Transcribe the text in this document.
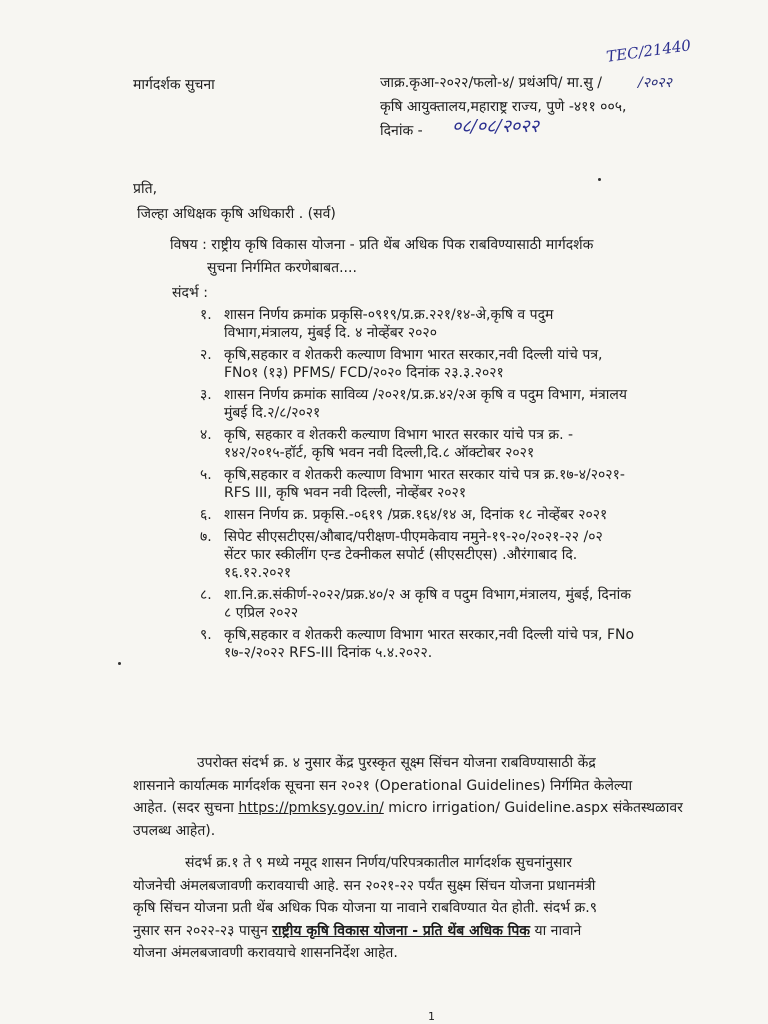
मार्गदर्शक सुचना	जाक्र.कृआ-२०२२/फलो-४/ प्रथंअपि/ मा.सु /	/२०२२
TEC/21440
कृषि आयुक्तालय,महाराष्ट्र राज्य, पुणे -४११ ००५,
दिनांक - ०८/०८/२०२२
प्रति,
जिल्हा अधिक्षक कृषि अधिकारी . (सर्व)
विषय : राष्ट्रीय कृषि विकास योजना - प्रति थेंब अधिक पिक राबविण्यासाठी मार्गदर्शक
सुचना निर्गमित करणेबाबत....
संदर्भ :
१. शासन निर्णय क्रमांक प्रकृसि-०९१९/प्र.क्र.२२१/१४-अे,कृषि व पदुम
विभाग,मंत्रालय, मुंबई दि. ४ नोव्हेंबर २०२०
२. कृषि,सहकार व शेतकरी कल्याण विभाग भारत सरकार,नवी दिल्ली यांचे पत्र,
FNo१ (१३) PFMS/ FCD/२०२० दिनांक २३.३.२०२१
३. शासन निर्णय क्रमांक साविव्य /२०२१/प्र.क्र.४२/२अ कृषि व पदुम विभाग, मंत्रालय
मुंबई दि.२/८/२०२१
४. कृषि, सहकार व शेतकरी कल्याण विभाग भारत सरकार यांचे पत्र क्र. -
१४२/२०१५-हॉर्ट, कृषि भवन नवी दिल्ली,दि.८ ऑक्टोबर २०२१
५. कृषि,सहकार व शेतकरी कल्याण विभाग भारत सरकार यांचे पत्र क्र.१७-४/२०२१-
RFS III, कृषि भवन नवी दिल्ली, नोव्हेंबर २०२१
६. शासन निर्णय क्र. प्रकृसि.-०६१९ /प्रक्र.१६४/१४ अ, दिनांक १८ नोव्हेंबर २०२१
७. सिपेट सीएसटीएस/औबाद/परीक्षण-पीएमकेवाय नमुने-१९-२०/२०२१-२२ /०२
सेंटर फार स्कीलींग एन्ड टेक्नीकल सपोर्ट (सीएसटीएस) .औरंगाबाद दि.
१६.१२.२०२१
८. शा.नि.क्र.संकीर्ण-२०२२/प्रक्र.४०/२ अ कृषि व पदुम विभाग,मंत्रालय, मुंबई, दिनांक
८ एप्रिल २०२२
९. कृषि,सहकार व शेतकरी कल्याण विभाग भारत सरकार,नवी दिल्ली यांचे पत्र, FNo
१७-२/२०२२ RFS-III दिनांक ५.४.२०२२.
उपरोक्त संदर्भ क्र. ४ नुसार केंद्र पुरस्कृत सूक्ष्म सिंचन योजना राबविण्यासाठी केंद्र
शासनाने कार्यात्मक मार्गदर्शक सूचना सन २०२१ (Operational Guidelines) निर्गमित केलेल्या
आहेत. (सदर सुचना https://pmksy.gov.in/ micro irrigation/ Guideline.aspx संकेतस्थळावर
उपलब्ध आहेत).
संदर्भ क्र.१ ते ९ मध्ये नमूद शासन निर्णय/परिपत्रकातील मार्गदर्शक सुचनांनुसार
योजनेची अंमलबजावणी करावयाची आहे. सन २०२१-२२ पर्यंत सुक्ष्म सिंचन योजना प्रधानमंत्री
कृषि सिंचन योजना प्रती थेंब अधिक पिक योजना या नावाने राबविण्यात येत होती. संदर्भ क्र.९
नुसार सन २०२२-२३ पासुन राष्ट्रीय कृषि विकास योजना - प्रति थेंब अधिक पिक या नावाने
योजना अंमलबजावणी करावयाचे शासननिर्देश आहेत.
1
